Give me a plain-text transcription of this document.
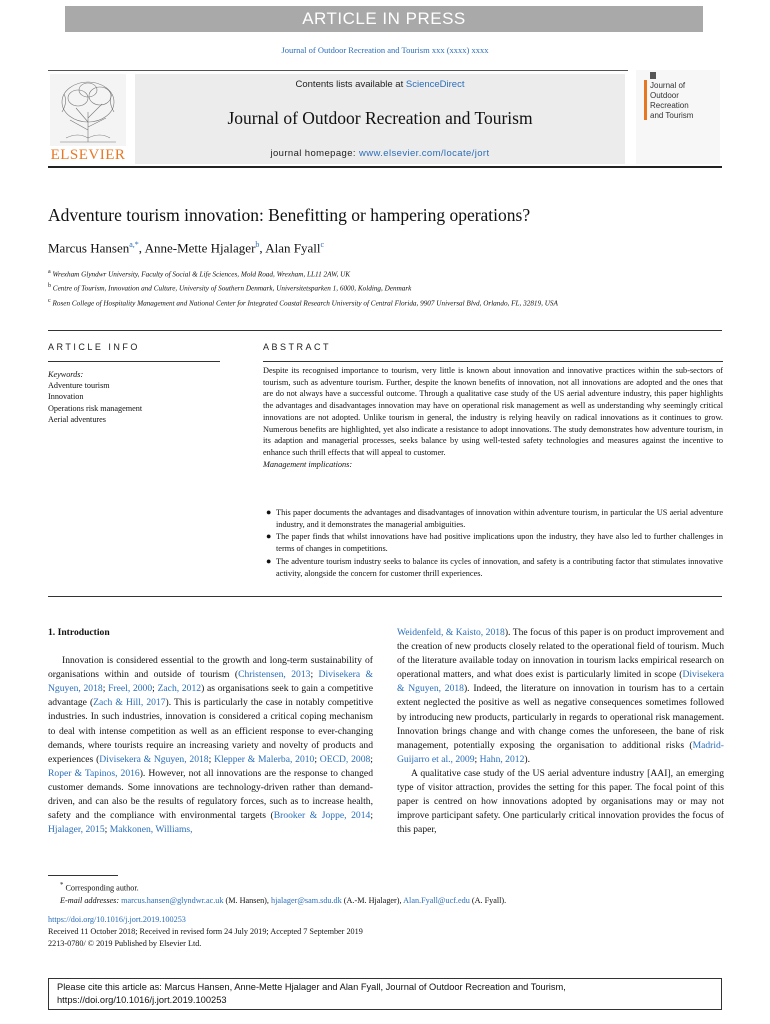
ARTICLE IN PRESS
Journal of Outdoor Recreation and Tourism xxx (xxxx) xxxx
ELSEVIER
Contents lists available at ScienceDirect
Journal of Outdoor Recreation and Tourism
journal homepage: www.elsevier.com/locate/jort
Journal of
Outdoor
Recreation
and Tourism
Adventure tourism innovation: Benefitting or hampering operations?
Marcus Hansen$^{a,*}$, Anne-Mette Hjalager$^b$, Alan Fyall$^c$
$^a$ Wrexham Glyndwr University, Faculty of Social & Life Sciences, Mold Road, Wrexham, LL11 2AW, UK
$^b$ Centre of Tourism, Innovation and Culture, University of Southern Denmark, Universitetsparken 1, 6000, Kolding, Denmark
$^c$ Rosen College of Hospitality Management and National Center for Integrated Coastal Research University of Central Florida, 9907 Universal Blvd, Orlando, FL, 32819, USA
ARTICLE INFO	ABSTRACT
Keywords:
Adventure tourism
Innovation
Operations risk management
Aerial adventures
Despite its recognised importance to tourism, very little is known about innovation and innovative practices within the sub-sectors of tourism, such as adventure tourism. Further, despite the known benefits of innovation, not all innovations are adopted and the ones that are do not always have a successful outcome. Through a qualitative case study of the US aerial adventure industry, this paper highlights the advantages and disadvantages innovation may have on operational risk management as well as understanding why seemingly critical innovations are not adopted. Unlike tourism in general, the industry is relying heavily on radical innovations as it continues to grow. Numerous benefits are highlighted, yet also indicate a resistance to adopt innovations. The study demonstrates how adventure tourism, in its adaption and managerial processes, seeks balance by using well-tested safety technologies and measures against the incentive to enhance such thrill effects that will appeal to customer.
Management implications:
● This paper documents the advantages and disadvantages of innovation within adventure tourism, in particular the US aerial adventure industry, and it demonstrates the managerial ambiguities.
● The paper finds that whilst innovations have had positive implications upon the industry, they have also led to further challenges in terms of changes in competitions.
● The adventure tourism industry seeks to balance its cycles of innovation, and safety is a contributing factor that stimulates innovative activity, alongside the concern for customer thrill experiences.
1. Introduction

Innovation is considered essential to the growth and long-term sustainability of organisations within and outside of tourism (Christensen, 2013; Divisekera & Nguyen, 2018; Freel, 2000; Zach, 2012) as organisations seek to gain a competitive advantage (Zach & Hill, 2017). This is particularly the case in notably competitive industries. In such industries, innovation is considered a critical coping mechanism to deal with intense competition as well as an efficient response to ever-changing demands, where tourists require an increasing variety and novelty of products and experiences (Divisekera & Nguyen, 2018; Klepper & Malerba, 2010; OECD, 2008; Roper & Tapinos, 2016). However, not all innovations are the response to changed customer demands. Some innovations are technology-driven rather than demand-driven, and can also be the results of regulatory forces, such as to increase health, safety and the compliance with environmental targets (Brooker & Joppe, 2014; Hjalager, 2015; Makkonen, Williams,

Weidenfeld, & Kaisto, 2018). The focus of this paper is on product improvement and the creation of new products closely related to the operational field of tourism. Much of the literature available today on innovation in tourism lacks empirical research on operational matters, and what does exist is particularly limited in scope (Divisekera & Nguyen, 2018). Indeed, the literature on innovation in tourism has to a certain extent neglected the positive as well as negative consequences sometimes followed by introducing new products, particularly in regards to operational risk management. Innovation brings change and with change comes the unforeseen, the bane of risk management, potentially exposing the organisation to additional risks (Madrid-Guijarro et al., 2009; Hahn, 2012).

A qualitative case study of the US aerial adventure industry [AAI], an emerging type of visitor attraction, provides the setting for this paper. The focal point of this paper is centred on how innovations adopted by organisations may or may not improve participant safety. One particularly critical innovation provides the focus of this paper,

* Corresponding author.
E-mail addresses: marcus.hansen@glyndwr.ac.uk (M. Hansen), hjalager@sam.sdu.dk (A.-M. Hjalager), Alan.Fyall@ucf.edu (A. Fyall).
https://doi.org/10.1016/j.jort.2019.100253
Received 11 October 2018; Received in revised form 24 July 2019; Accepted 7 September 2019
2213-0780/ © 2019 Published by Elsevier Ltd.
Please cite this article as: Marcus Hansen, Anne-Mette Hjalager and Alan Fyall, Journal of Outdoor Recreation and Tourism,
https://doi.org/10.1016/j.jort.2019.100253
